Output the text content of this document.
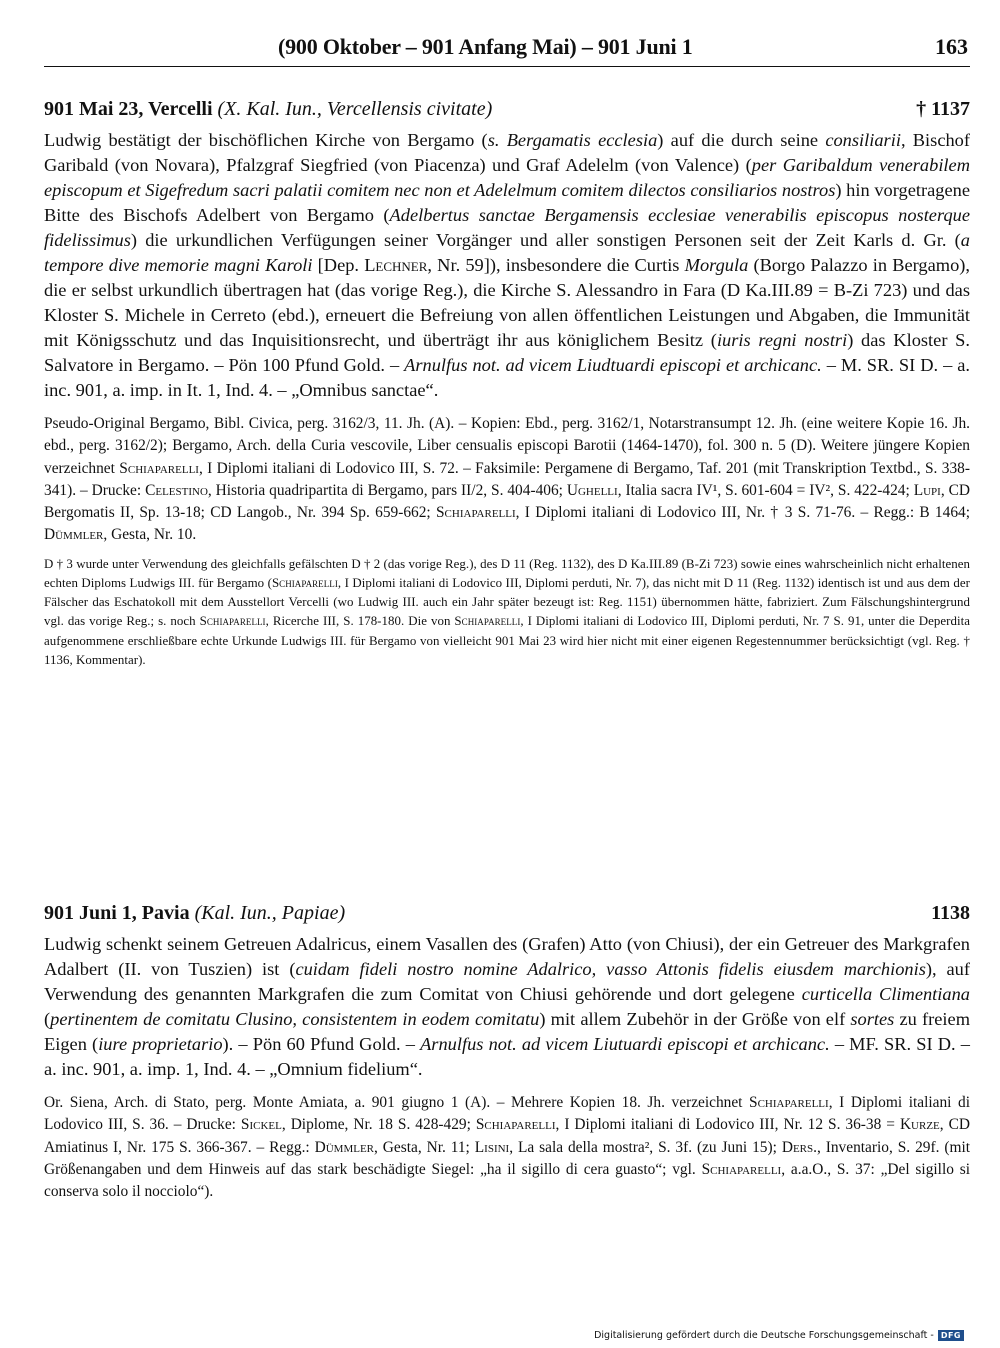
(900 Oktober – 901 Anfang Mai) – 901 Juni 1	163
901 Mai 23, Vercelli (X. Kal. Iun., Vercellensis civitate)	† 1137

Ludwig bestätigt der bischöflichen Kirche von Bergamo (s. Bergamatis ecclesia) auf die durch seine consiliarii, Bischof Garibald (von Novara), Pfalzgraf Siegfried (von Piacenza) und Graf Adelelm (von Valence) (per Garibaldum venerabilem episcopum et Sigefredum sacri palatii comitem nec non et Adelelmum comitem dilectos consiliarios nostros) hin vorgetragene Bitte des Bischofs Adelbert von Bergamo (Adelbertus sanctae Bergamensis ecclesiae venerabilis episcopus nosterque fidelissimus) die urkundlichen Verfügungen seiner Vorgänger und aller sonstigen Personen seit der Zeit Karls d. Gr. (a tempore dive memorie magni Karoli [Dep. Lechner, Nr. 59]), insbesondere die Curtis Morgula (Borgo Palazzo in Bergamo), die er selbst urkundlich übertragen hat (das vorige Reg.), die Kirche S. Alessandro in Fara (D Ka.III.89 = B-Zi 723) und das Kloster S. Michele in Cerreto (ebd.), erneuert die Befreiung von allen öffentlichen Leistungen und Abgaben, die Immunität mit Königsschutz und das Inquisitionsrecht, und überträgt ihr aus königlichem Besitz (iuris regni nostri) das Kloster S. Salvatore in Bergamo. – Pön 100 Pfund Gold. – Arnulfus not. ad vicem Liudtuardi episcopi et archicanc. – M. SR. SI D. – a. inc. 901, a. imp. in It. 1, Ind. 4. – „Omnibus sanctae“.

Pseudo-Original Bergamo, Bibl. Civica, perg. 3162/3, 11. Jh. (A). – Kopien: Ebd., perg. 3162/1, Notarstransumpt 12. Jh. (eine weitere Kopie 16. Jh. ebd., perg. 3162/2); Bergamo, Arch. della Curia vescovile, Liber censualis episcopi Barotii (1464-1470), fol. 300 n. 5 (D). Weitere jüngere Kopien verzeichnet Schiaparelli, I Diplomi italiani di Lodovico III, S. 72. – Faksimile: Pergamene di Bergamo, Taf. 201 (mit Transkription Textbd., S. 338-341). – Drucke: Celestino, Historia quadripartita di Bergamo, pars II/2, S. 404-406; Ughelli, Italia sacra IV¹, S. 601-604 = IV², S. 422-424; Lupi, CD Bergomatis II, Sp. 13-18; CD Langob., Nr. 394 Sp. 659-662; Schiaparelli, I Diplomi italiani di Lodovico III, Nr. † 3 S. 71-76. – Regg.: B 1464; Dümmler, Gesta, Nr. 10.

D † 3 wurde unter Verwendung des gleichfalls gefälschten D † 2 (das vorige Reg.), des D 11 (Reg. 1132), des D Ka.III.89 (B-Zi 723) sowie eines wahrscheinlich nicht erhaltenen echten Diploms Ludwigs III. für Bergamo (Schiaparelli, I Diplomi italiani di Lodovico III, Diplomi perduti, Nr. 7), das nicht mit D 11 (Reg. 1132) identisch ist und aus dem der Fälscher das Eschatokoll mit dem Ausstellort Vercelli (wo Ludwig III. auch ein Jahr später bezeugt ist: Reg. 1151) übernommen hätte, fabriziert. Zum Fälschungshintergrund vgl. das vorige Reg.; s. noch Schiaparelli, Ricerche III, S. 178-180. Die von Schiaparelli, I Diplomi italiani di Lodovico III, Diplomi perduti, Nr. 7 S. 91, unter die Deperdita aufgenommene erschließbare echte Urkunde Ludwigs III. für Bergamo von vielleicht 901 Mai 23 wird hier nicht mit einer eigenen Regestennummer berücksichtigt (vgl. Reg. † 1136, Kommentar).

901 Juni 1, Pavia (Kal. Iun., Papiae)	1138

Ludwig schenkt seinem Getreuen Adalricus, einem Vasallen des (Grafen) Atto (von Chiusi), der ein Getreuer des Markgrafen Adalbert (II. von Tuszien) ist (cuidam fideli nostro nomine Adalrico, vasso Attonis fidelis eiusdem marchionis), auf Verwendung des genannten Markgrafen die zum Comitat von Chiusi gehörende und dort gelegene curticella Climentiana (pertinentem de comitatu Clusino, consistentem in eodem comitatu) mit allem Zubehör in der Größe von elf sortes zu freiem Eigen (iure proprietario). – Pön 60 Pfund Gold. – Arnulfus not. ad vicem Liutuardi episcopi et archicanc. – MF. SR. SI D. – a. inc. 901, a. imp. 1, Ind. 4. – „Omnium fidelium“.

Or. Siena, Arch. di Stato, perg. Monte Amiata, a. 901 giugno 1 (A). – Mehrere Kopien 18. Jh. verzeichnet Schiaparelli, I Diplomi italiani di Lodovico III, S. 36. – Drucke: Sickel, Diplome, Nr. 18 S. 428-429; Schiaparelli, I Diplomi italiani di Lodovico III, Nr. 12 S. 36-38 = Kurze, CD Amiatinus I, Nr. 175 S. 366-367. – Regg.: Dümmler, Gesta, Nr. 11; Lisini, La sala della mostra², S. 3f. (zu Juni 15); Ders., Inventario, S. 29f. (mit Größenangaben und dem Hinweis auf das stark beschädigte Siegel: „ha il sigillo di cera guasto“; vgl. Schiaparelli, a.a.O., S. 37: „Del sigillo si conserva solo il nocciolo“).

Digitalisierung gefördert durch die Deutsche Forschungsgemeinschaft - DFG
